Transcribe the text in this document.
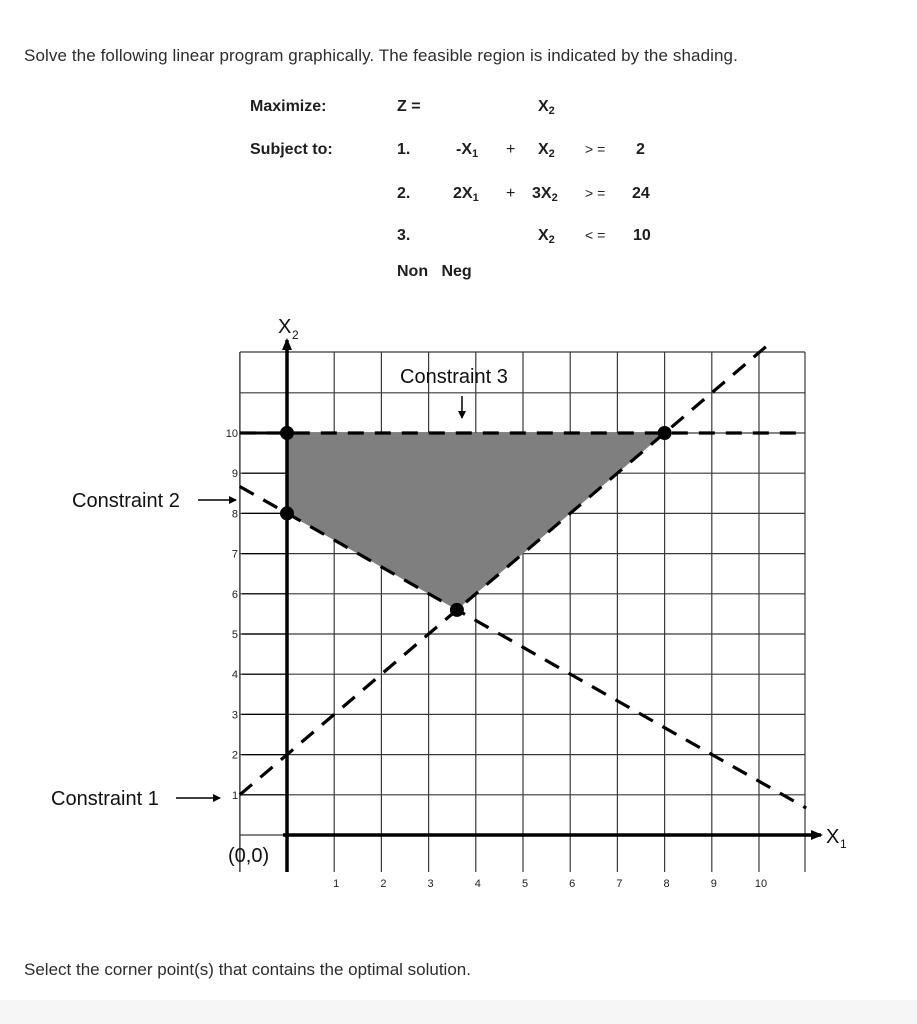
Solve the following linear program graphically. The feasible region is indicated by the shading.
Maximize:	Z =	$X_2$
Subject to:	1.	$-X_1 + X_2$ > = 2
2.	$2X_1 + 3X_2$ > = 24
3.	$X_2$ < = 10
Non   Neg
1	2	3	4	5	6	7	8	9	10
2
3
4
5
6
7
8
9
10
1
X 2
X 1
(0,0)
Constraint 3
Constraint 2
Constraint 1
Select the corner point(s) that contains the optimal solution.
